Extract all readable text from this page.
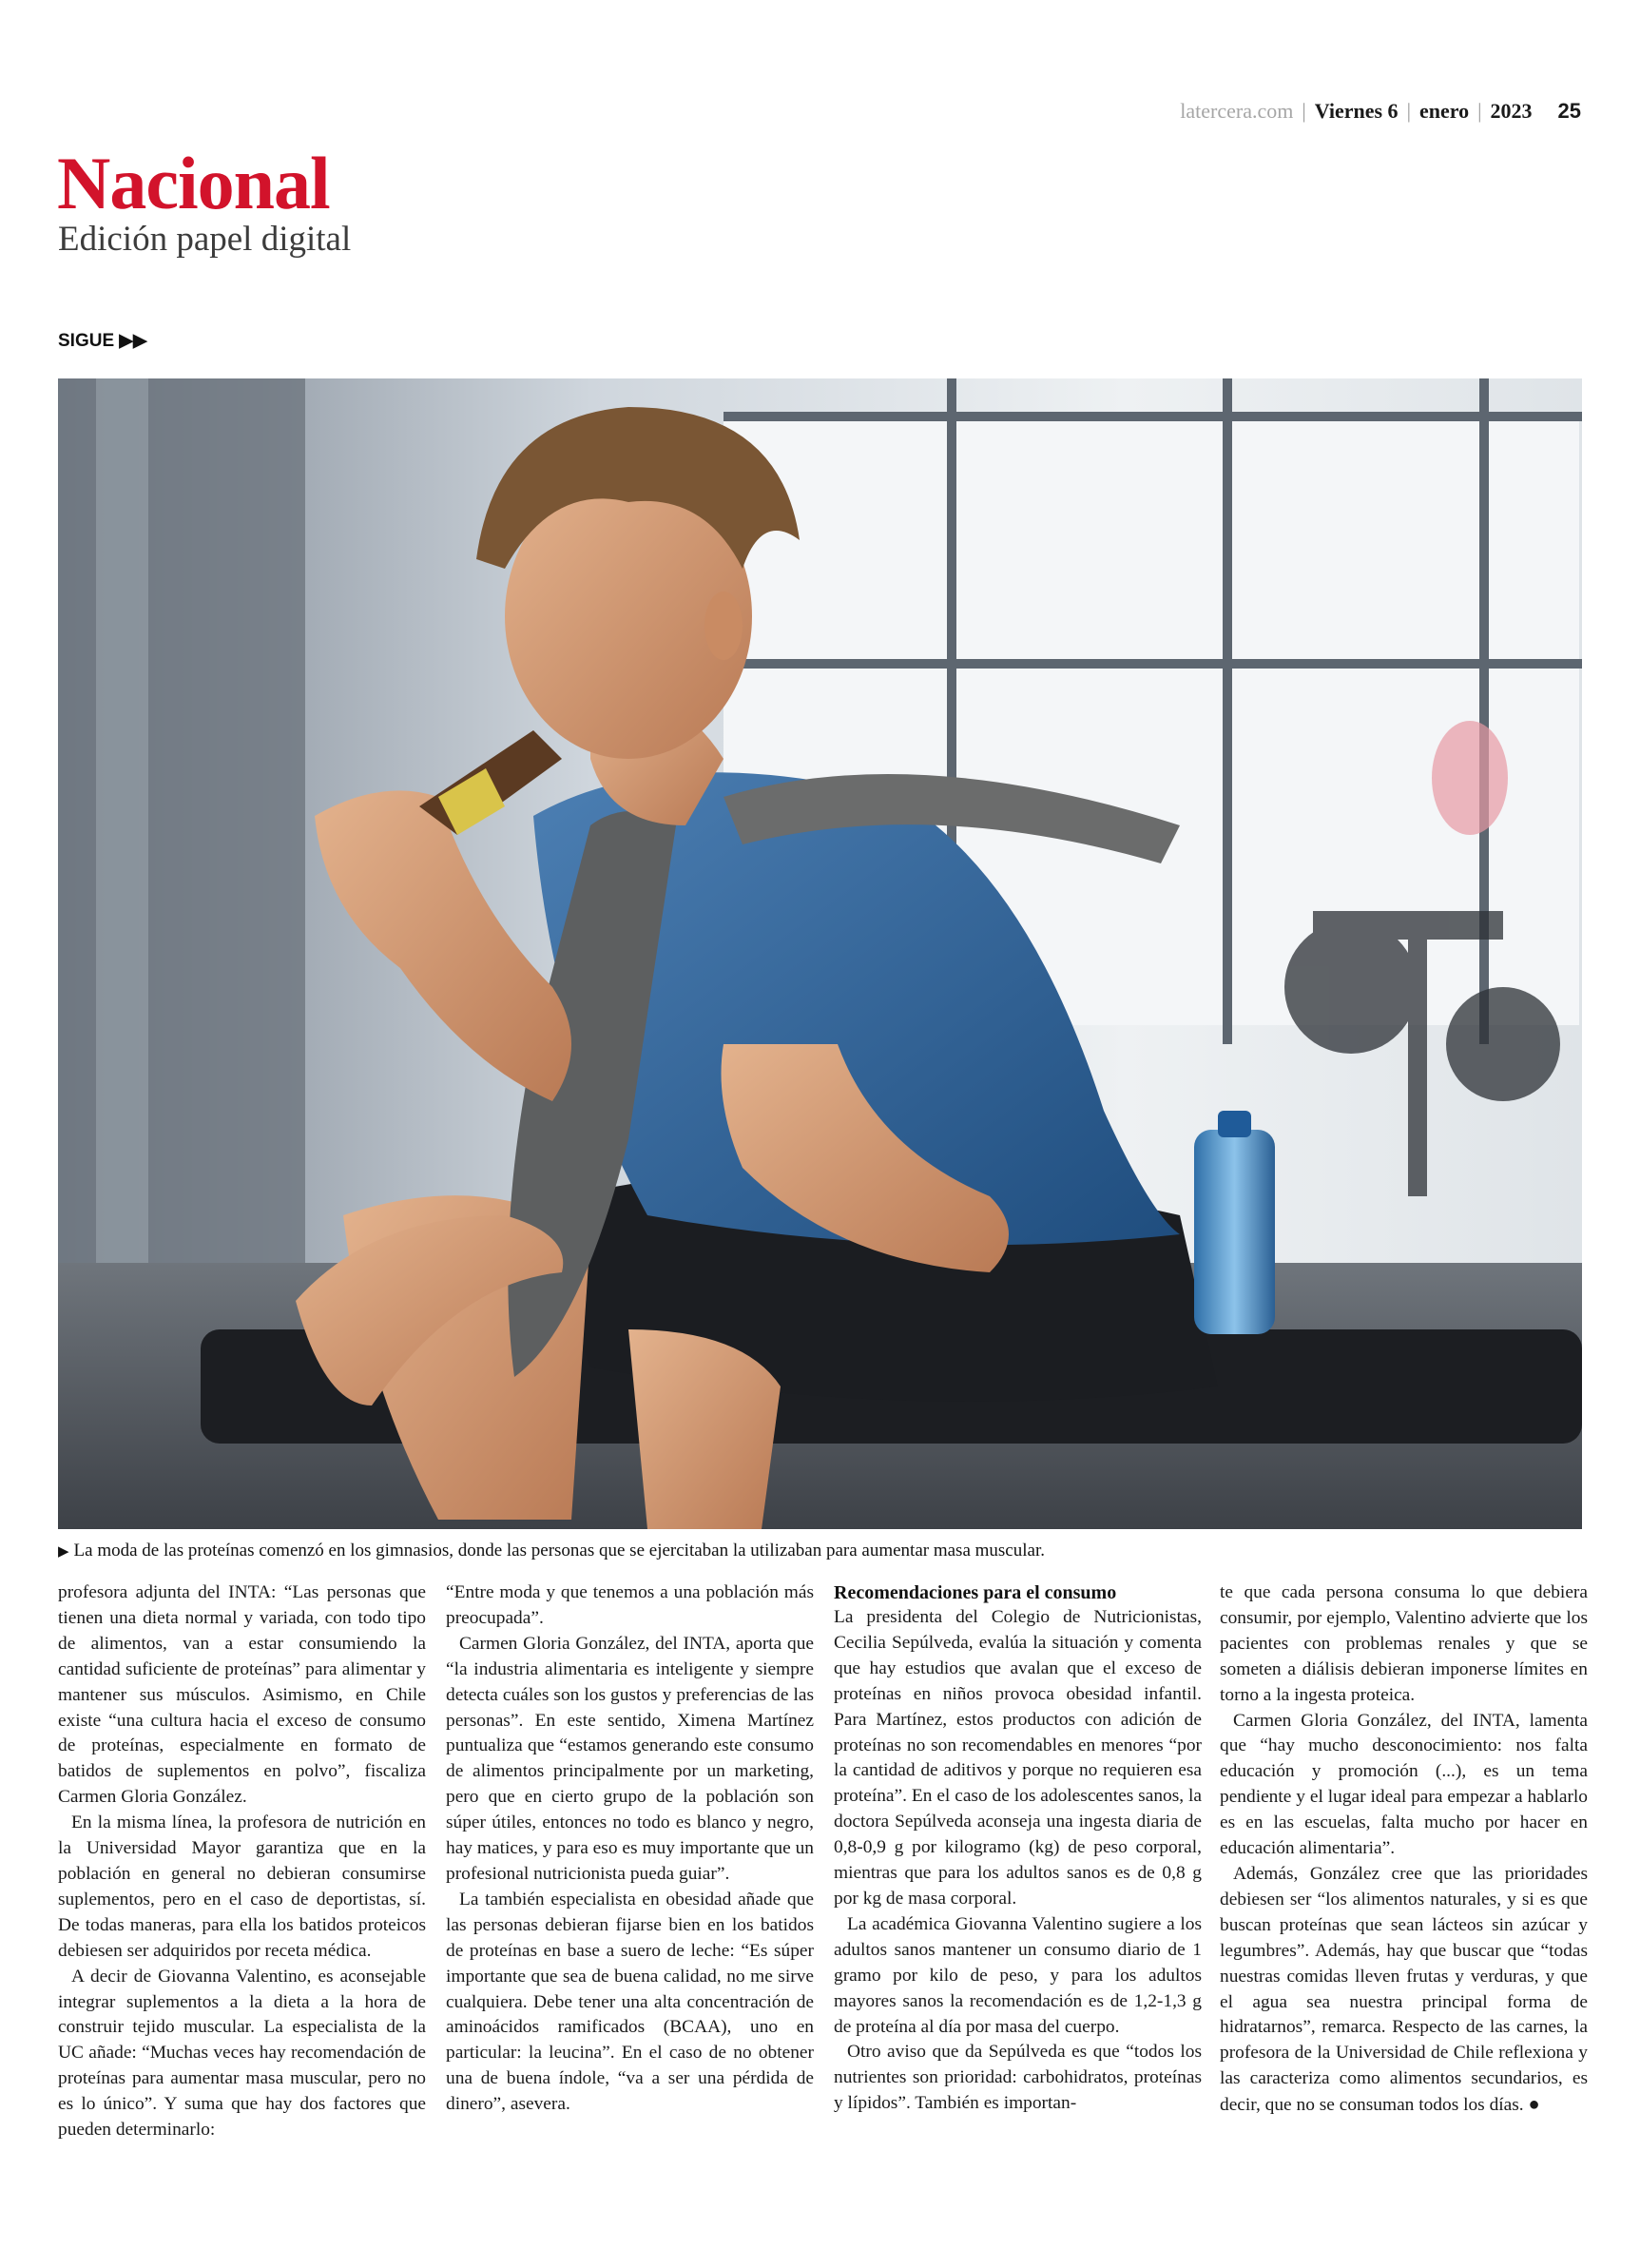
latercera.com | Viernes 6 | enero | 2023 25
Nacional
Edición papel digital
SIGUE ▶▶
▶ La moda de las proteínas comenzó en los gimnasios, donde las personas que se ejercitaban la utilizaban para aumentar masa muscular.

profesora adjunta del INTA: “Las personas que tienen una dieta normal y variada, con todo tipo de alimentos, van a estar consumiendo la cantidad suficiente de proteínas” para alimentar y mantener sus músculos. Asimismo, en Chile existe “una cultura hacia el exceso de consumo de proteínas, especialmente en formato de batidos de suplementos en polvo”, fiscaliza Carmen Gloria González.

En la misma línea, la profesora de nutrición en la Universidad Mayor garantiza que en la población en general no debieran consumirse suplementos, pero en el caso de deportistas, sí. De todas maneras, para ella los batidos proteicos debiesen ser adquiridos por receta médica.

A decir de Giovanna Valentino, es aconsejable integrar suplementos a la dieta a la hora de construir tejido muscular. La especialista de la UC añade: “Muchas veces hay recomendación de proteínas para aumentar masa muscular, pero no es lo único”. Y suma que hay dos factores que pueden determinarlo:

“Entre moda y que tenemos a una población más preocupada”.

Carmen Gloria González, del INTA, aporta que “la industria alimentaria es inteligente y siempre detecta cuáles son los gustos y preferencias de las personas”. En este sentido, Ximena Martínez puntualiza que “estamos generando este consumo de alimentos principalmente por un marketing, pero que en cierto grupo de la población son súper útiles, entonces no todo es blanco y negro, hay matices, y para eso es muy importante que un profesional nutricionista pueda guiar”.

La también especialista en obesidad añade que las personas debieran fijarse bien en los batidos de proteínas en base a suero de leche: “Es súper importante que sea de buena calidad, no me sirve cualquiera. Debe tener una alta concentración de aminoácidos ramificados (BCAA), uno en particular: la leucina”. En el caso de no obtener una de buena índole, “va a ser una pérdida de dinero”, asevera.

Recomendaciones para el consumo

La presidenta del Colegio de Nutricionistas, Cecilia Sepúlveda, evalúa la situación y comenta que hay estudios que avalan que el exceso de proteínas en niños provoca obesidad infantil. Para Martínez, estos productos con adición de proteínas no son recomendables en menores “por la cantidad de aditivos y porque no requieren esa proteína”. En el caso de los adolescentes sanos, la doctora Sepúlveda aconseja una ingesta diaria de 0,8-0,9 g por kilogramo (kg) de peso corporal, mientras que para los adultos sanos es de 0,8 g por kg de masa corporal.

La académica Giovanna Valentino sugiere a los adultos sanos mantener un consumo diario de 1 gramo por kilo de peso, y para los adultos mayores sanos la recomendación es de 1,2-1,3 g de proteína al día por masa del cuerpo.

Otro aviso que da Sepúlveda es que “todos los nutrientes son prioridad: carbohidratos, proteínas y lípidos”. También es importan-

te que cada persona consuma lo que debiera consumir, por ejemplo, Valentino advierte que los pacientes con problemas renales y que se someten a diálisis debieran imponerse límites en torno a la ingesta proteica.

Carmen Gloria González, del INTA, lamenta que “hay mucho desconocimiento: nos falta educación y promoción (...), es un tema pendiente y el lugar ideal para empezar a hablarlo es en las escuelas, falta mucho por hacer en educación alimentaria”.

Además, González cree que las prioridades debiesen ser “los alimentos naturales, y si es que buscan proteínas que sean lácteos sin azúcar y legumbres”. Además, hay que buscar que “todas nuestras comidas lleven frutas y verduras, y que el agua sea nuestra principal forma de hidratarnos”, remarca. Respecto de las carnes, la profesora de la Universidad de Chile reflexiona y las caracteriza como alimentos secundarios, es decir, que no se consuman todos los días. ●
